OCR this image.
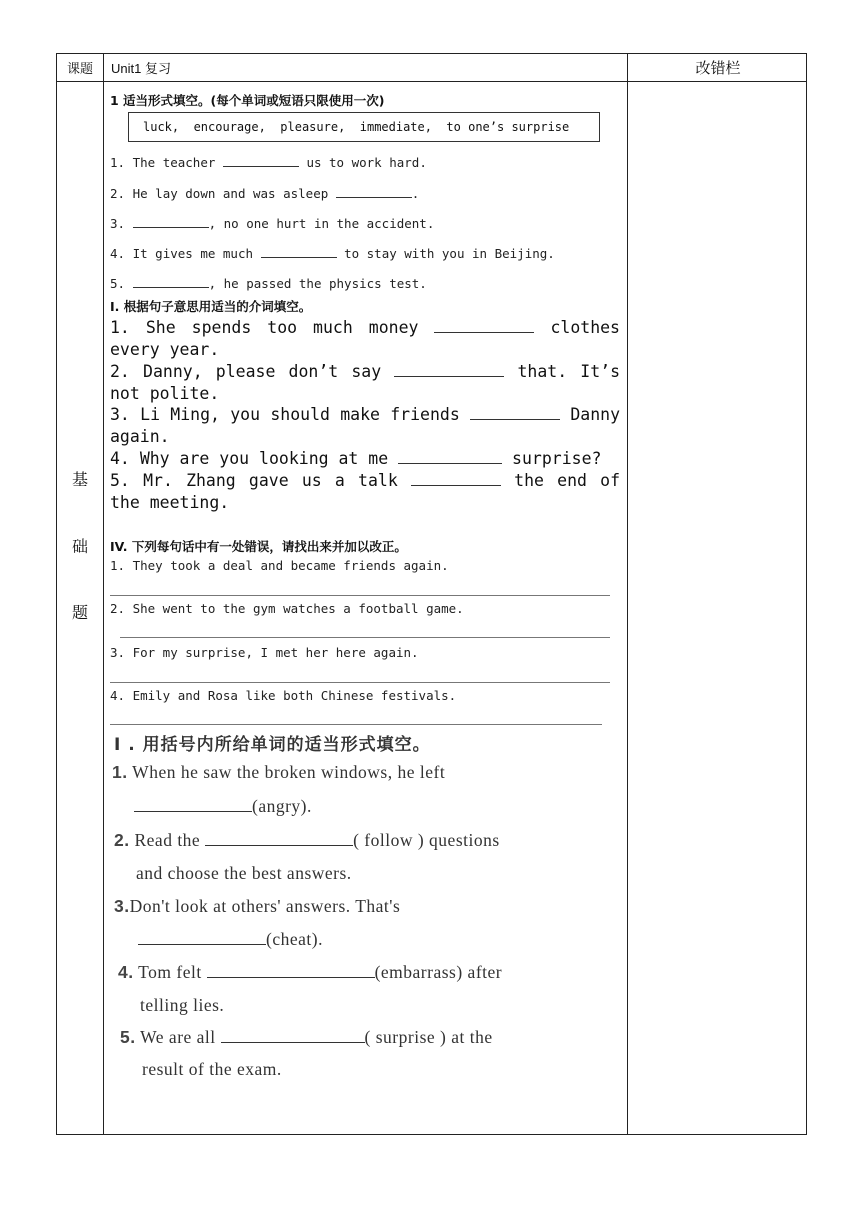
课题	Unit1 复习	改错栏
基
础
题
1 适当形式填空。(每个单词或短语只限使用一次)
luck,  encourage,  pleasure,  immediate,  to one’s surprise
1. The teacher	us to work hard.
2. He lay down and was asleep	.
3.	, no one hurt in the accident.
4. It gives me much	to stay with you in Beijing.
5.	, he passed the physics test.
I. 根据句子意思用适当的介词填空。
1. She spends too much money	clothes every year.
2. Danny, please don’t say	that. It’s not polite.
3. Li Ming, you should make friends	Danny again.
4. Why are you looking at me	surprise?
5. Mr. Zhang gave us a talk	the end of the meeting.
IV. 下列每句话中有一处错误，请找出来并加以改正。
1. They took a deal and became friends again.
2. She went to the gym watches a football game.
3. For my surprise, I met her here again.
4. Emily and Rosa like both Chinese festivals.
I . 用括号内所给单词的适当形式填空。
1. When he saw the broken windows, he left
(angry).
2. Read the	( follow ) questions
and choose the best answers.
3.Don't look at others' answers. That's
(cheat).
4. Tom felt	(embarrass) after
telling lies.
5. We are all	( surprise ) at the
result of the exam.
